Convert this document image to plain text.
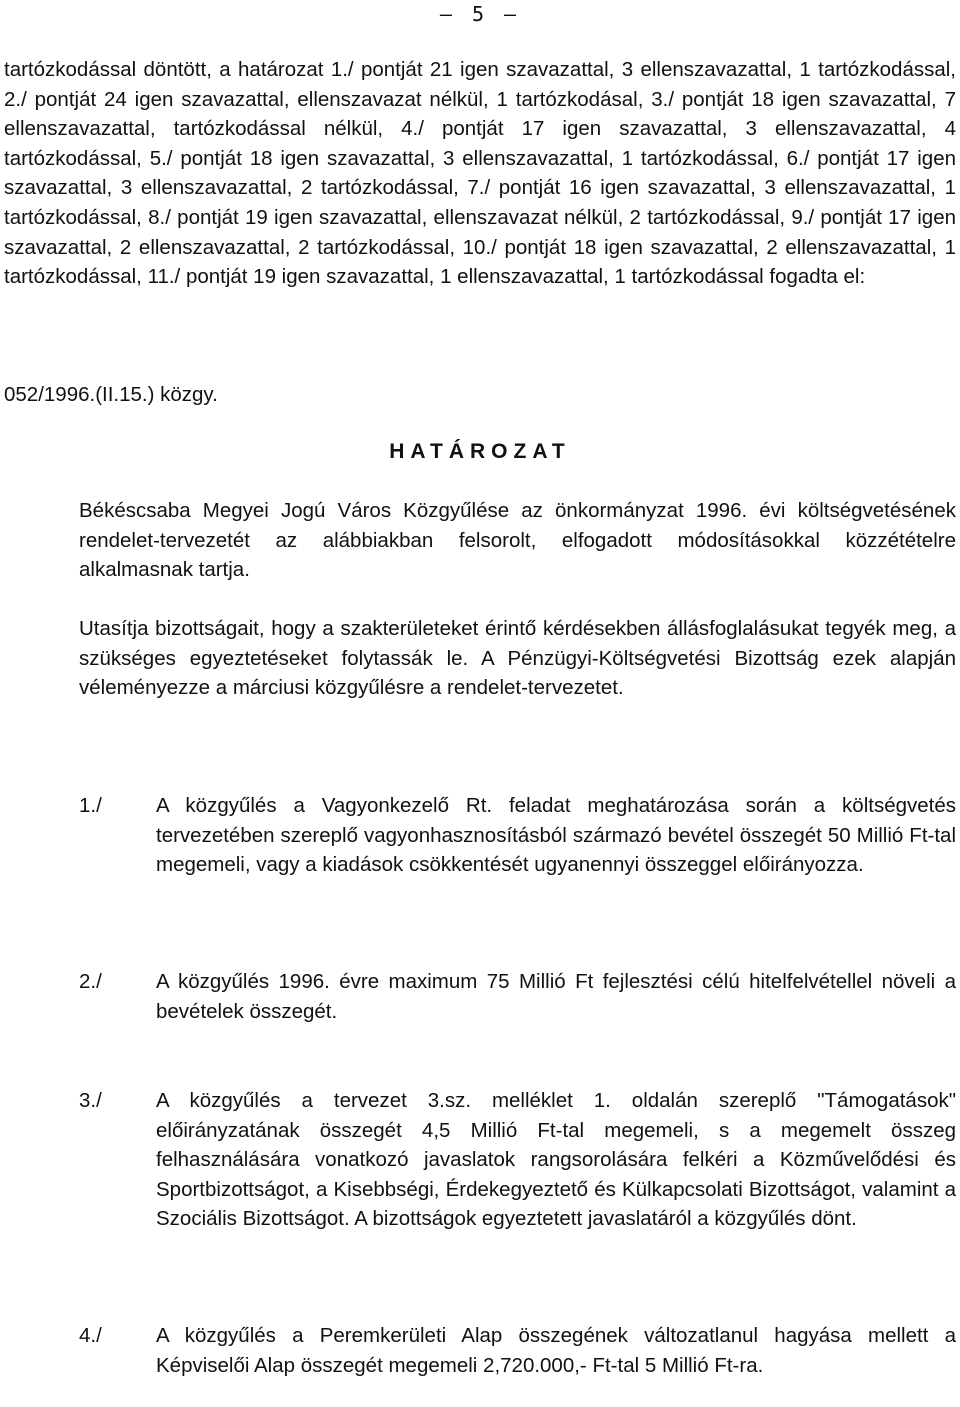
– 5 –

tartózkodással döntött, a határozat 1./ pontját 21 igen szavazattal, 3 ellenszavazattal, 1 tartózkodással, 2./ pontját 24 igen szavazattal, ellenszavazat nélkül, 1 tartózkodásal, 3./ pontját 18 igen szavazattal, 7 ellenszavazattal, tartózkodással nélkül, 4./ pontját 17 igen szavazattal, 3 ellenszavazattal, 4 tartózkodással, 5./ pontját 18 igen szavazattal, 3 ellenszavazattal, 1 tartózkodással, 6./ pontját 17 igen szavazattal, 3 ellenszavazattal, 2 tartózkodással, 7./ pontját 16 igen szavazattal, 3 ellenszavazattal, 1 tartózkodással, 8./ pontját 19 igen szavazattal, ellenszavazat nélkül, 2 tartózkodással, 9./ pontját 17 igen szavazattal, 2 ellenszavazattal, 2 tartózkodással, 10./ pontját 18 igen szavazattal, 2 ellenszavazattal, 1 tartózkodással, 11./ pontját 19 igen szavazattal, 1 ellenszavazattal, 1 tartózkodással fogadta el:

052/1996.(II.15.) közgy.

HATÁROZAT

Békéscsaba Megyei Jogú Város Közgyűlése az önkormányzat 1996. évi költségvetésének rendelet-tervezetét az alábbiakban felsorolt, elfogadott módosításokkal közzétételre alkalmasnak tartja.

Utasítja bizottságait, hogy a szakterületeket érintő kérdésekben állásfoglalásukat tegyék meg, a szükséges egyeztetéseket folytassák le. A Pénzügyi-Költségvetési Bizottság ezek alapján véleményezze a márciusi közgyűlésre a rendelet-tervezetet.

1./	A közgyűlés a Vagyonkezelő Rt. feladat meghatározása során a költségvetés tervezetében szereplő vagyonhasznosításból származó bevétel összegét 50 Millió Ft-tal megemeli, vagy a kiadások csökkentését ugyanennyi összeggel előirányozza.
2./	A közgyűlés 1996. évre maximum 75 Millió Ft fejlesztési célú hitelfelvétellel növeli a bevételek összegét.
3./	A közgyűlés a tervezet 3.sz. melléklet 1. oldalán szereplő "Támogatások" előirányzatának összegét 4,5 Millió Ft-tal megemeli, s a megemelt összeg felhasználására vonatkozó javaslatok rangsorolására felkéri a Közművelődési és Sportbizottságot, a Kisebbségi, Érdekegyeztető és Külkapcsolati Bizottságot, valamint a Szociális Bizottságot. A bizottságok egyeztetett javaslatáról a közgyűlés dönt.
4./	A közgyűlés a Peremkerületi Alap összegének változatlanul hagyása mellett a Képviselői Alap összegét megemeli 2,720.000,- Ft-tal 5 Millió Ft-ra.
